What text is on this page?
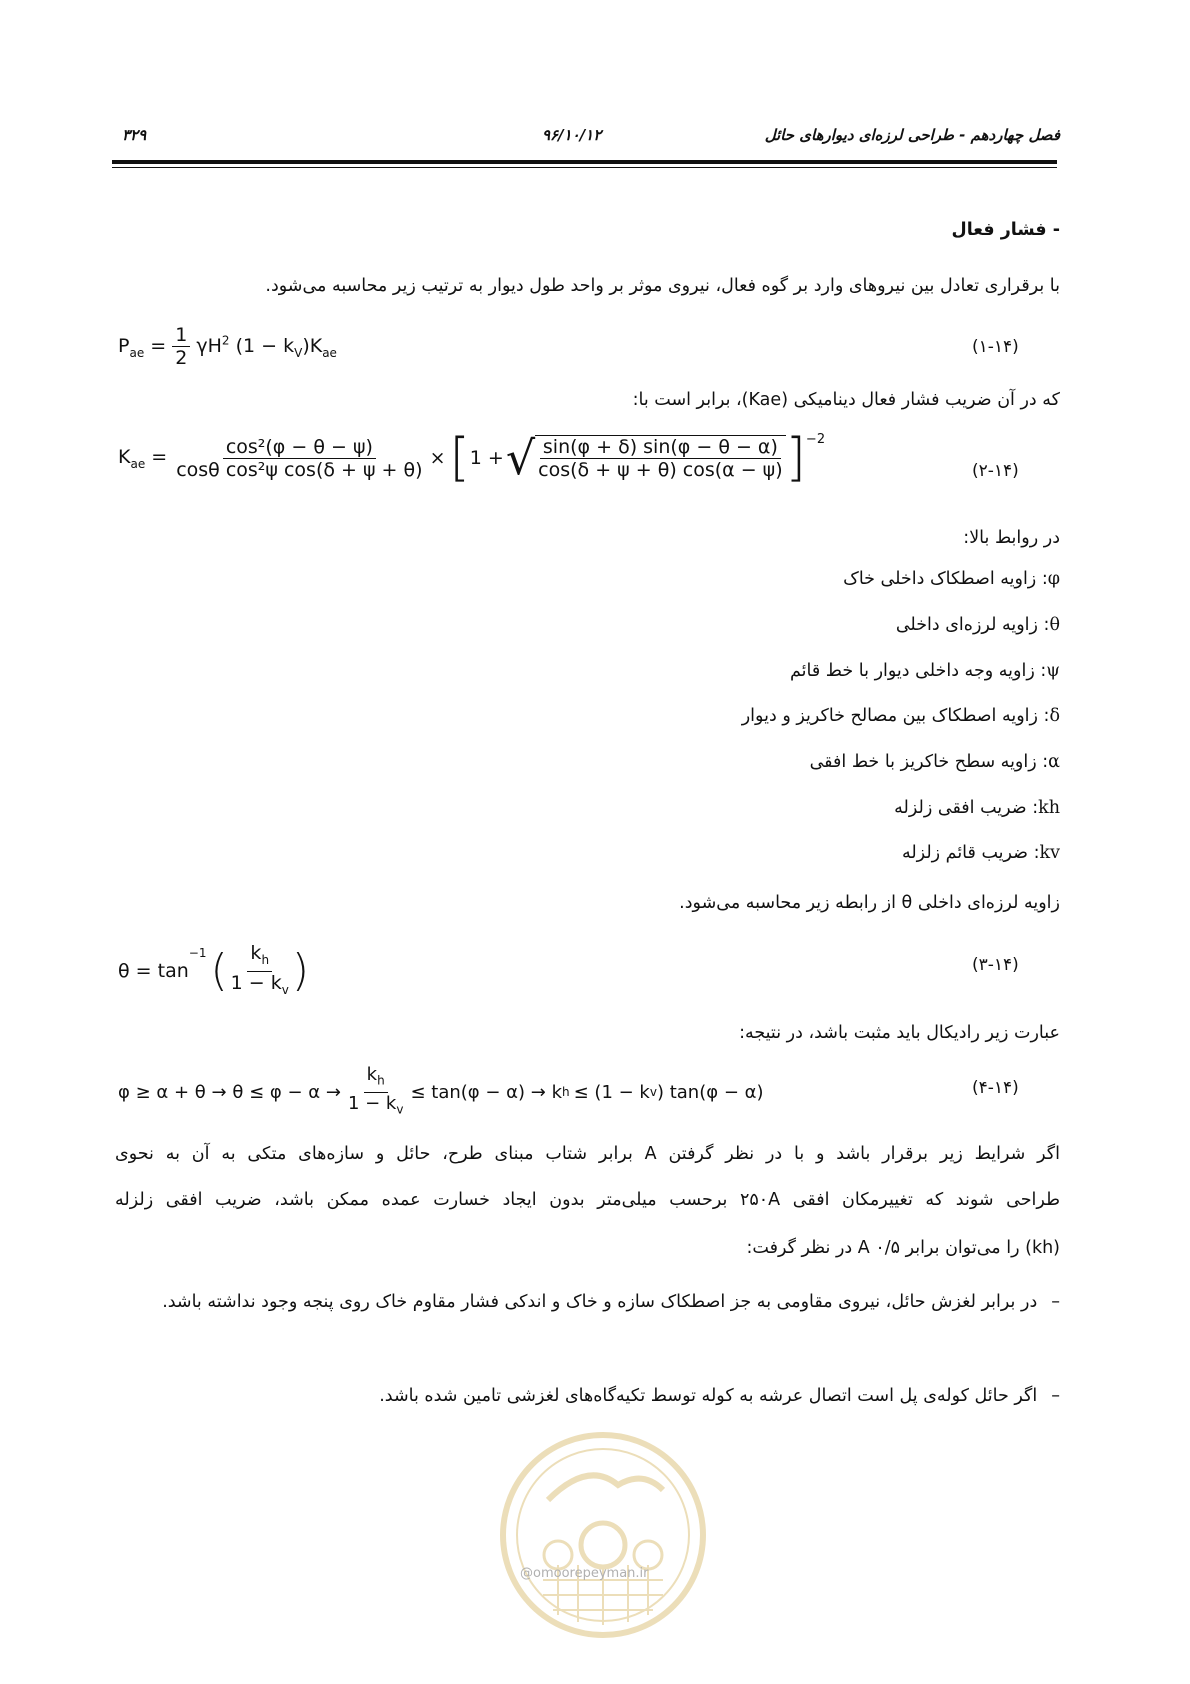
۳۲۹	۹۶/۱۰/۱۲	فصل چهاردهم - طراحی لرزه‌ای دیوارهای حائل
- فشار فعال
با برقراری تعادل بین نیروهای وارد بر گوه فعال، نیروی موثر بر واحد طول دیوار به ترتیب زیر محاسبه می‌شود.
$P_{ae} = \frac{1}{2} \gamma H^2$ $(1 - k_V)K_{ae}$	(۱-۱۴)
که در آن ضریب فشار فعال دینامیکی (Kae)، برابر است با:
$K_{ae} = \frac{\text{cos²(φ − θ − ψ)}}{\text{cosθ cos²ψ cos(δ + ψ + θ)}}$ × [ 1 + √ $\frac{\sin(\varphi + \delta) \sin(\varphi - \theta - \alpha)}{\cos(\delta + \psi + \theta) \cos(\alpha - \psi)} ]^{-2}$
(۲-۱۴)
در روابط بالا:
φ: زاویه اصطکاک داخلی خاک
θ: زاویه لرزه‌ای داخلی
ψ: زاویه وجه داخلی دیوار با خط قائم
δ: زاویه اصطکاک بین مصالح خاکریز و دیوار
α: زاویه سطح خاکریز با خط افقی
kh: ضریب افقی زلزله
kv: ضریب قائم زلزله
زاویه لرزه‌ای داخلی θ از رابطه زیر محاسبه می‌شود.
θ = tan
−1 ( $\frac{k_h}{1 - k_v}$ )	(۳-۱۴)
عبارت زیر رادیکال باید مثبت باشد، در نتیجه:
$\varphi \ge \alpha + \theta \to \theta \le \varphi - \alpha \to \frac{k_h}{1 - k_v} \le \tan(\varphi - \alpha) \to k$ h ≤ (1 − k v ) tan(φ − α)	(۴-۱۴)
اگر شرایط زیر برقرار باشد و با در نظر گرفتن A برابر شتاب مبنای طرح، حائل و سازه‌های متکی به آن به نحوی
طراحی شوند که تغییرمکان افقی ۲۵۰A برحسب میلی‌متر بدون ایجاد خسارت عمده ممکن باشد، ضریب افقی زلزله
(kh) را می‌توان برابر ۰/۵ A در نظر گرفت:
–
در برابر لغزش حائل، نیروی مقاومی به جز اصطکاک سازه و خاک و اندکی فشار مقاوم خاک روی پنجه وجود نداشته باشد.
–
اگر حائل کوله‌ی پل است اتصال عرشه به کوله توسط تکیه‌گاه‌های لغزشی تامین شده باشد.
@omoorepeyman.ir
